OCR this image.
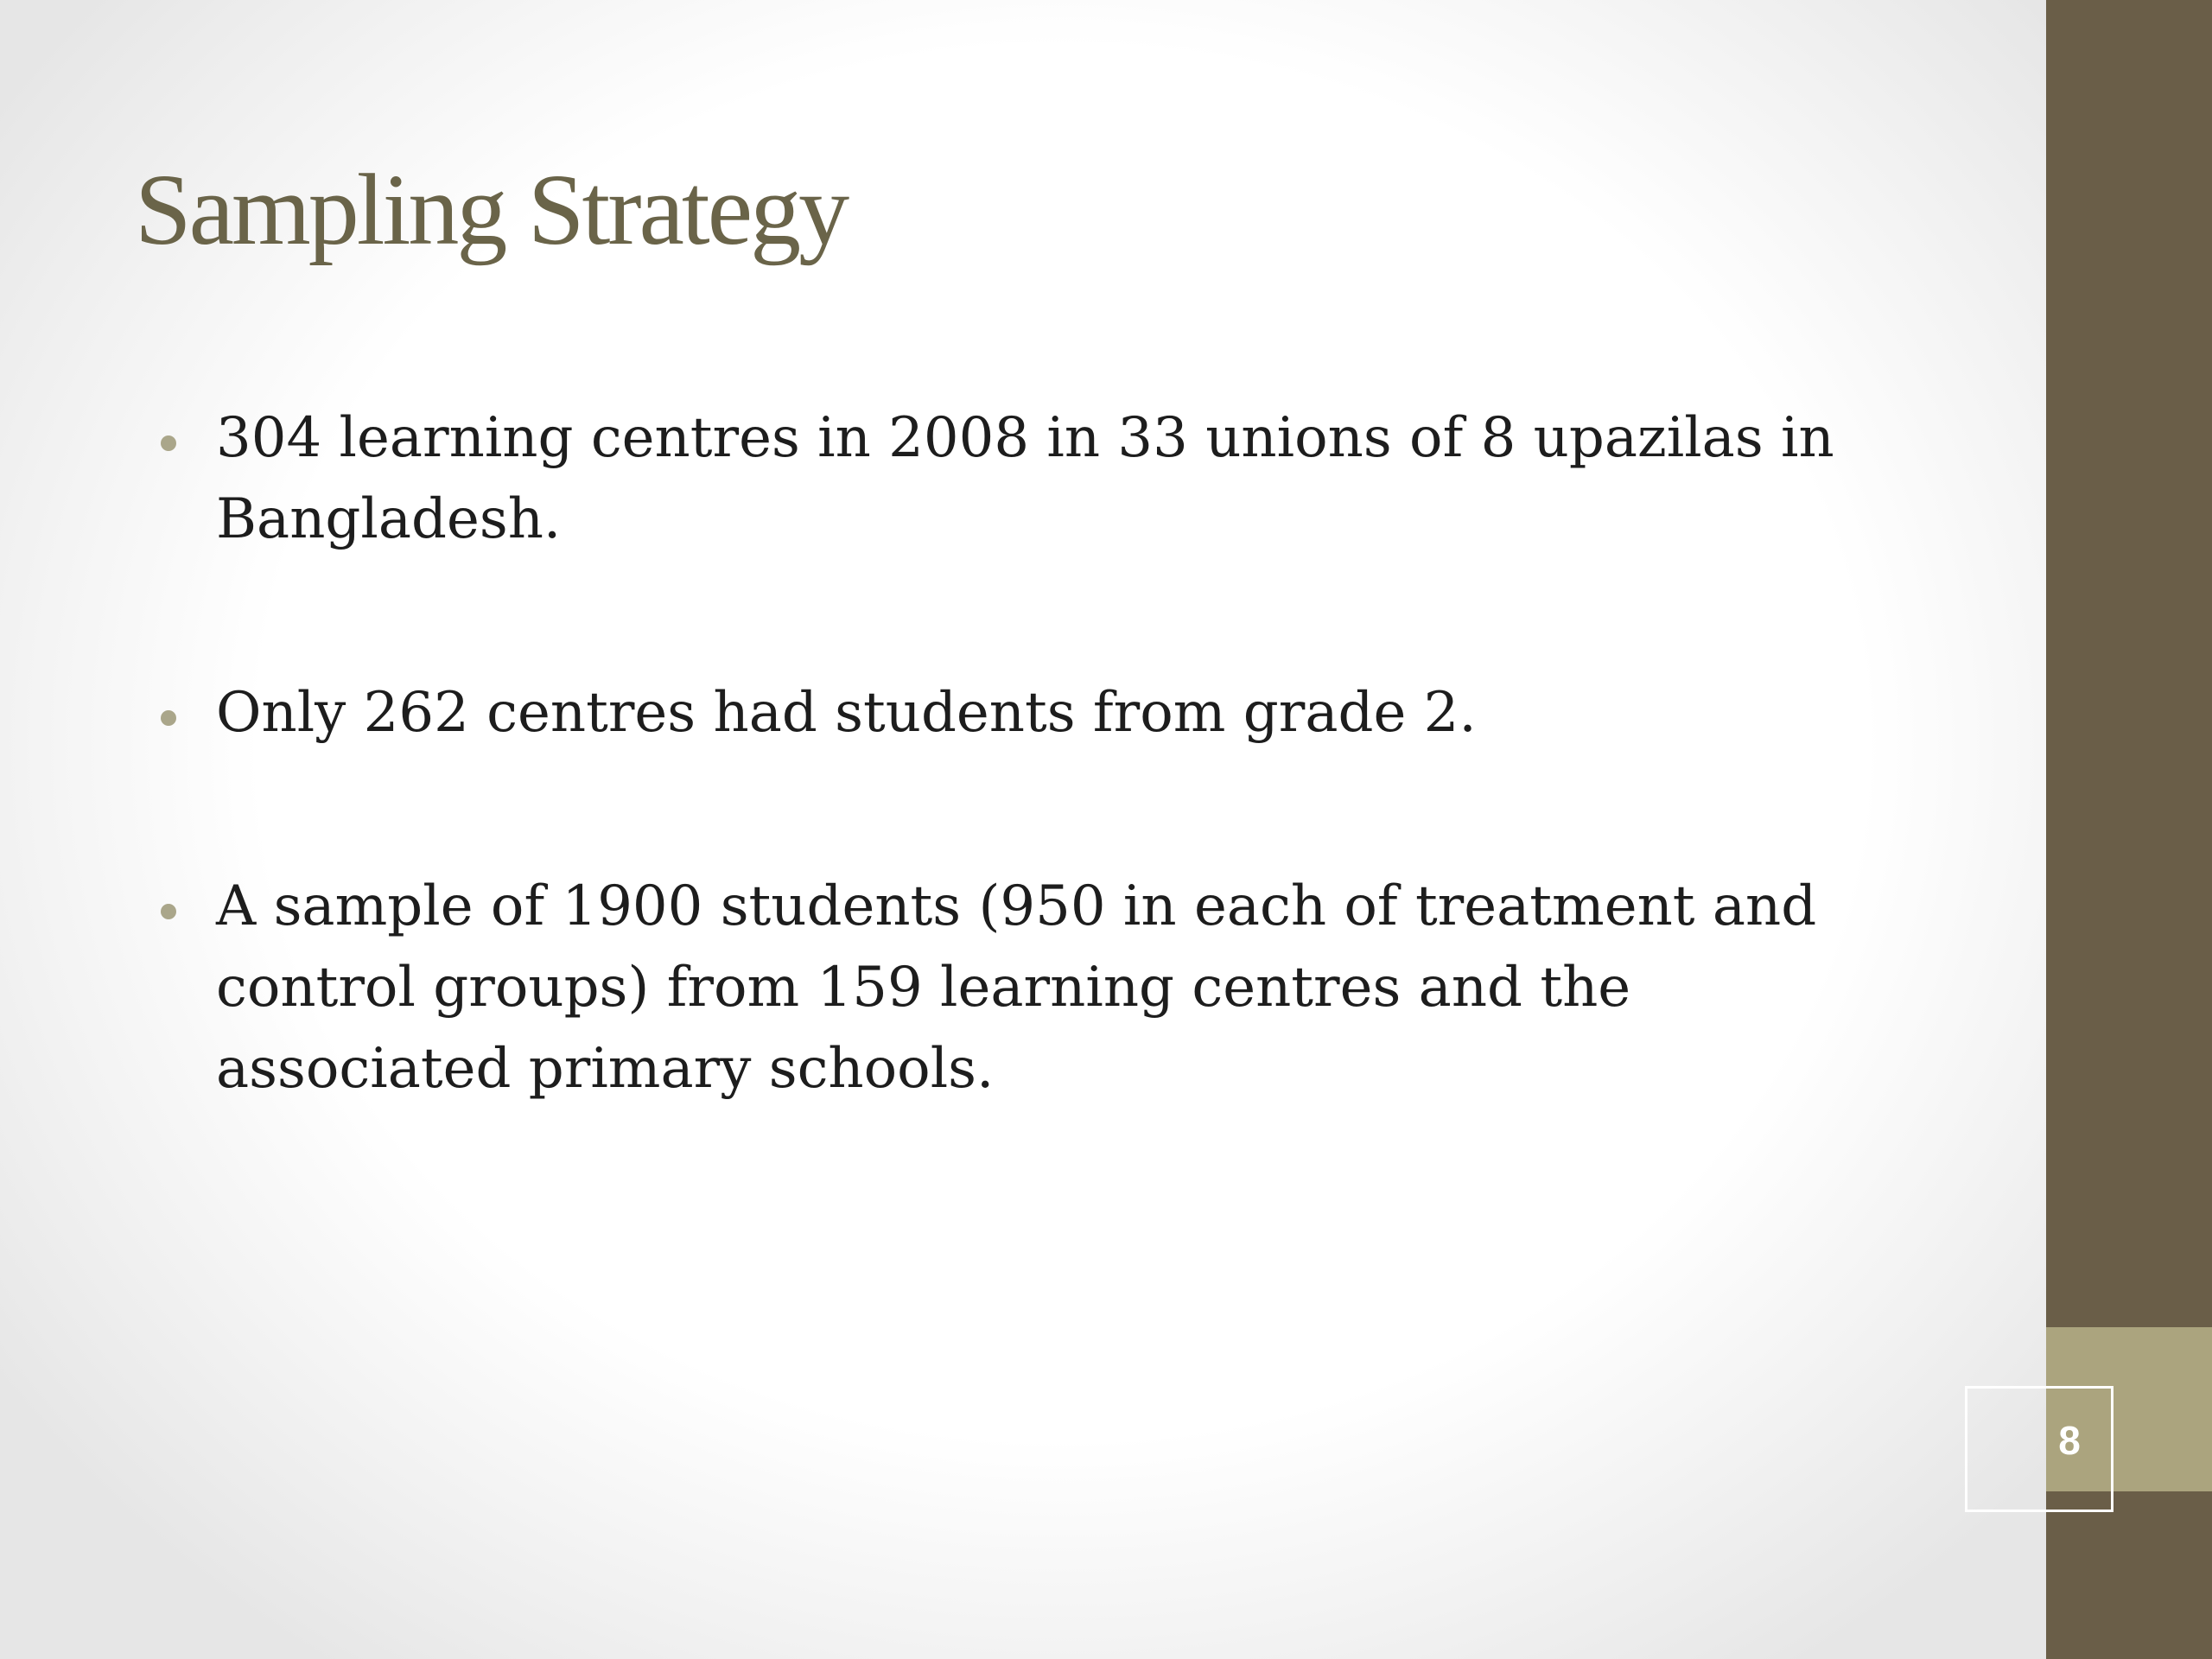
8
Sampling Strategy
304 learning centres in 2008 in 33 unions of 8 upazilas in Bangladesh.
Only 262 centres had students from grade 2.
A sample of 1900 students (950 in each of treatment and control groups) from 159 learning centres and the associated primary schools.
